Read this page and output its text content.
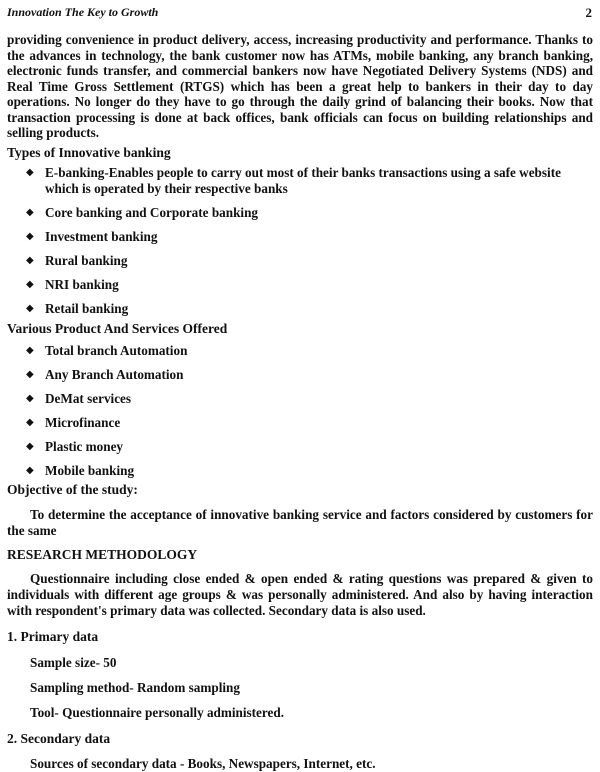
Innovation The Key to Growth	2

providing convenience in product delivery, access, increasing productivity and performance. Thanks to the advances in technology, the bank customer now has ATMs, mobile banking, any branch banking, electronic funds transfer, and commercial bankers now have Negotiated Delivery Systems (NDS) and Real Time Gross Settlement (RTGS) which has been a great help to bankers in their day to day operations. No longer do they have to go through the daily grind of balancing their books. Now that transaction processing is done at back offices, bank officials can focus on building relationships and selling products.

Types of Innovative banking
◆ E-banking-Enables people to carry out most of their banks transactions using a safe website which is operated by their respective banks
◆ Core banking and Corporate banking
◆ Investment banking
◆ Rural banking
◆ NRI banking
◆ Retail banking
Various Product And Services Offered
◆ Total branch Automation
◆ Any Branch Automation
◆ DeMat services
◆ Microfinance
◆ Plastic money
◆ Mobile banking
Objective of the study:

To determine the acceptance of innovative banking service and factors considered by customers for the same

RESEARCH METHODOLOGY

Questionnaire including close ended & open ended & rating questions was prepared & given to individuals with different age groups & was personally administered. And also by having interaction with respondent's primary data was collected. Secondary data is also used.

1. Primary data
Sample size- 50
Sampling method- Random sampling
Tool- Questionnaire personally administered.
2. Secondary data
Sources of secondary data - Books, Newspapers, Internet, etc.
